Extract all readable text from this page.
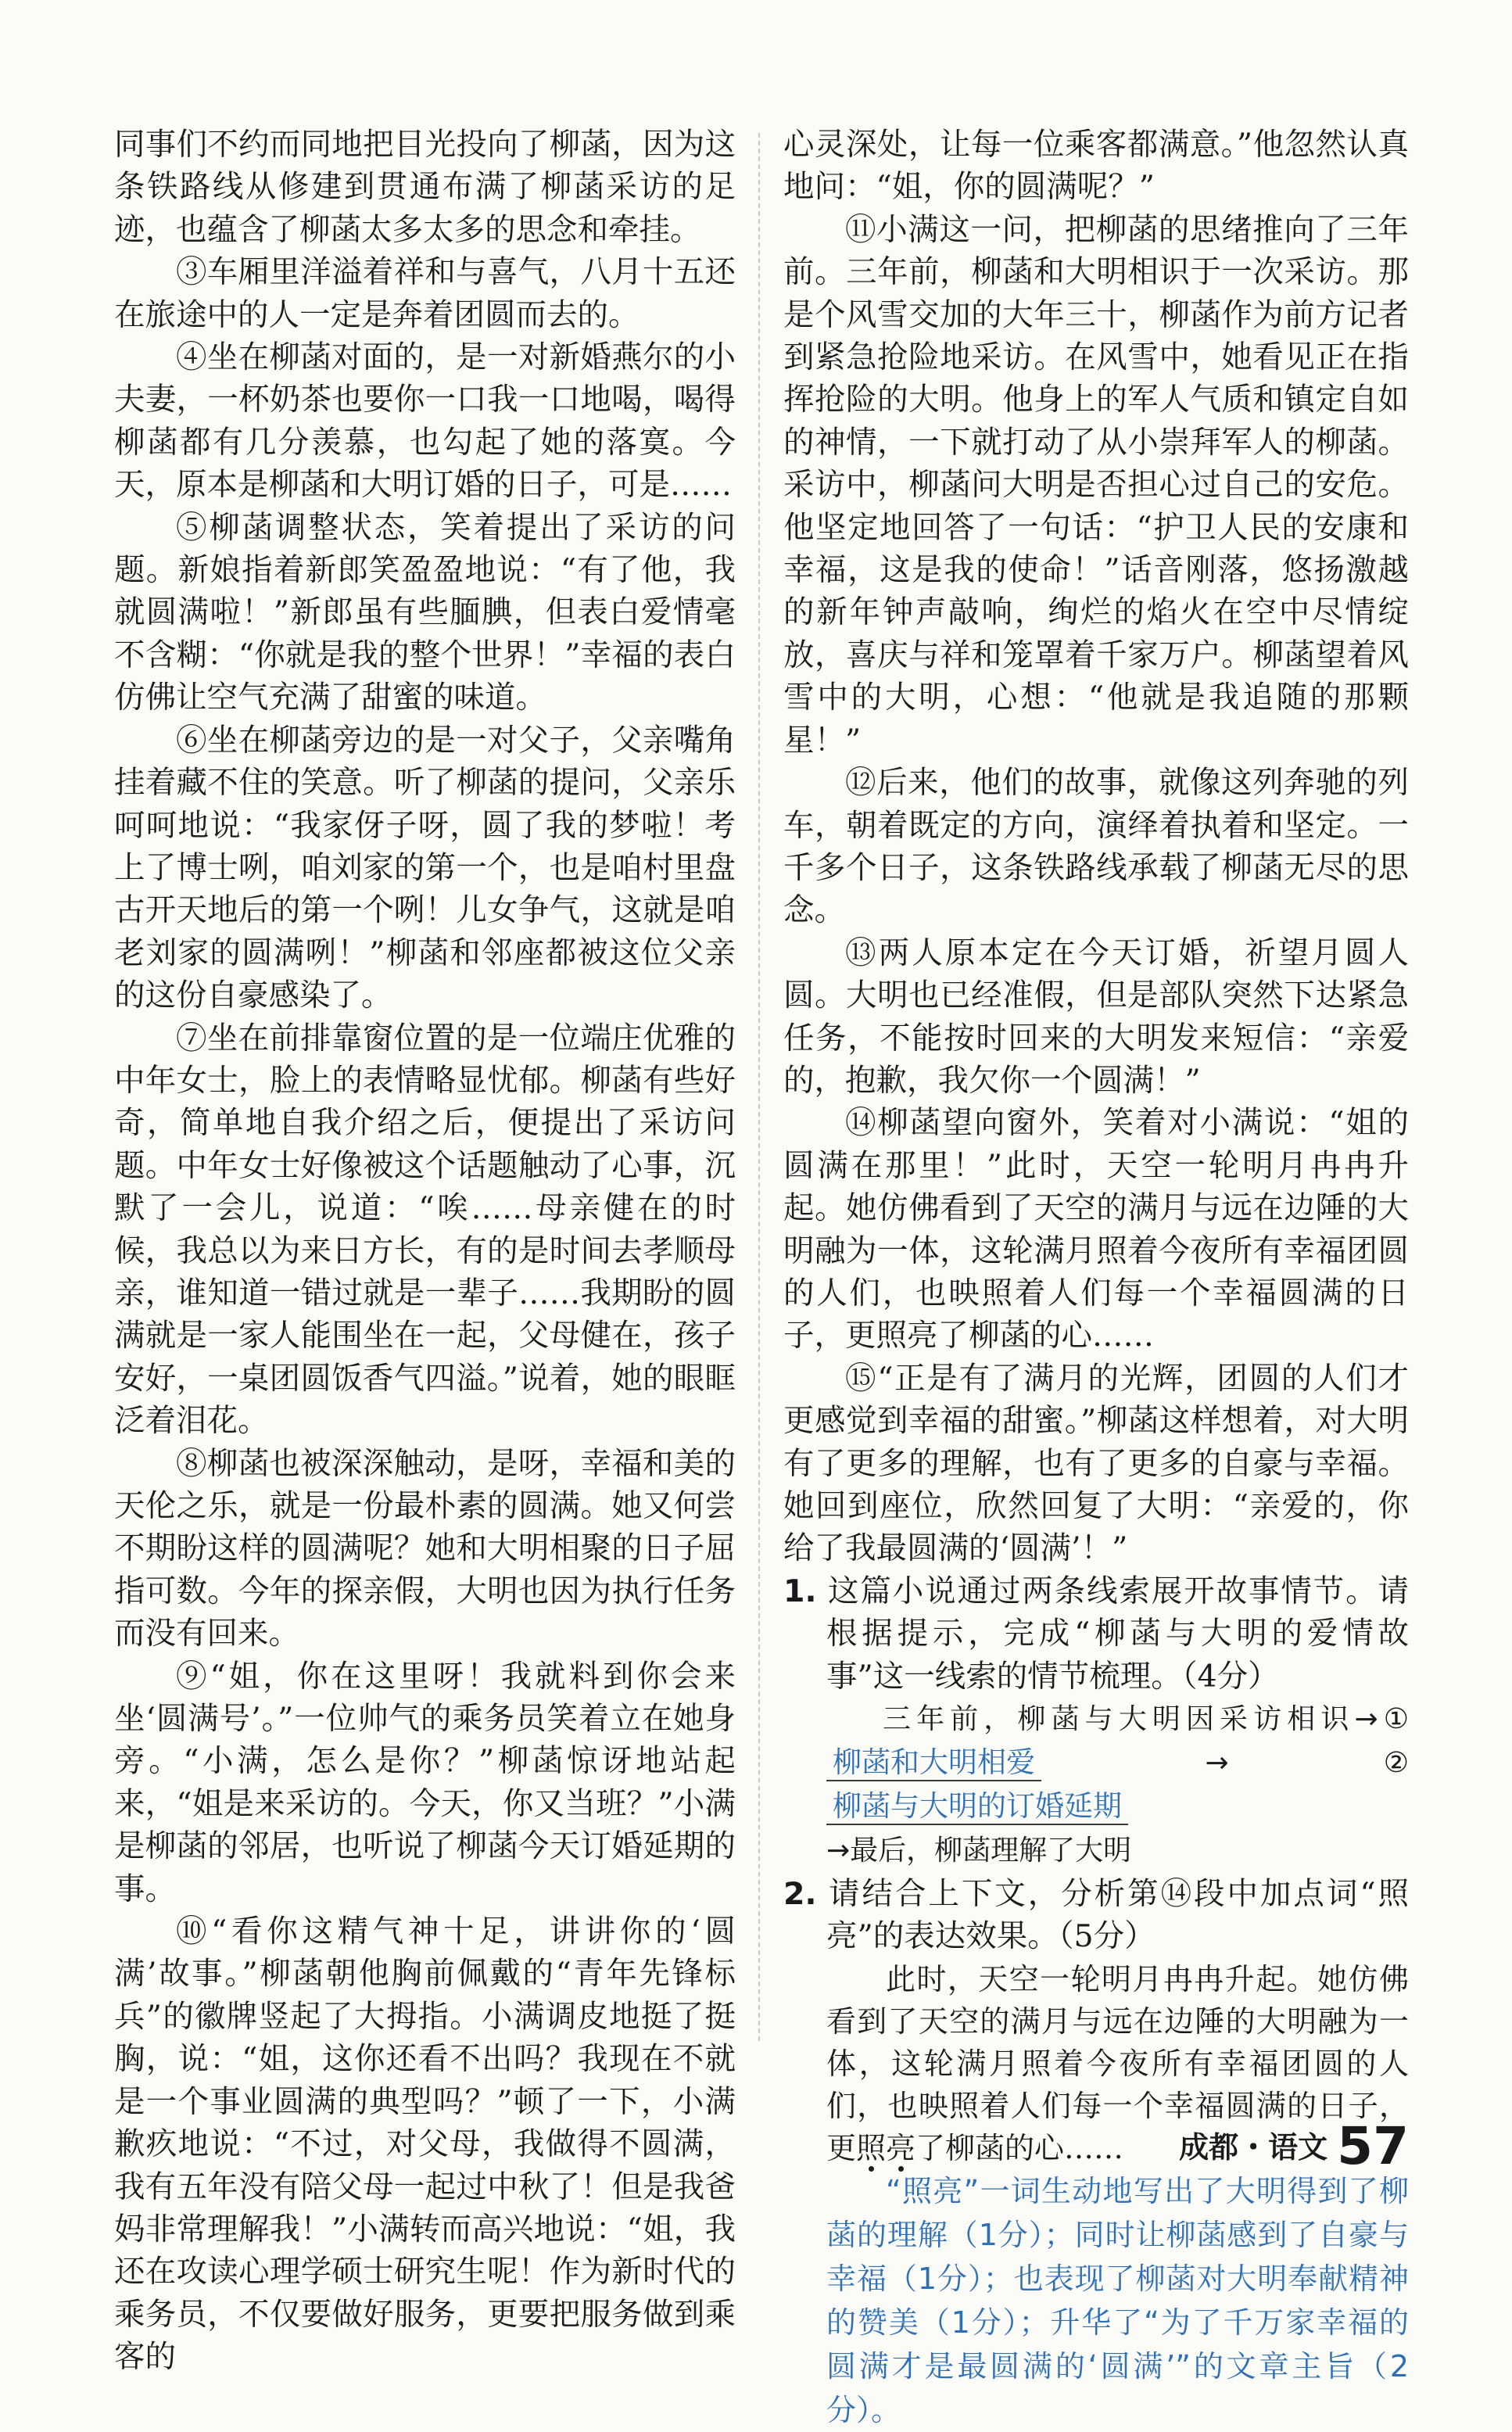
同事们不约而同地把目光投向了柳菡，因为这条铁路线从修建到贯通布满了柳菡采访的足迹，也蕴含了柳菡太多太多的思念和牵挂。

③车厢里洋溢着祥和与喜气，八月十五还在旅途中的人一定是奔着团圆而去的。

④坐在柳菡对面的，是一对新婚燕尔的小夫妻，一杯奶茶也要你一口我一口地喝，喝得柳菡都有几分羡慕，也勾起了她的落寞。今天，原本是柳菡和大明订婚的日子，可是……

⑤柳菡调整状态，笑着提出了采访的问题。新娘指着新郎笑盈盈地说：“有了他，我就圆满啦！”新郎虽有些腼腆，但表白爱情毫不含糊：“你就是我的整个世界！”幸福的表白仿佛让空气充满了甜蜜的味道。

⑥坐在柳菡旁边的是一对父子，父亲嘴角挂着藏不住的笑意。听了柳菡的提问，父亲乐呵呵地说：“我家伢子呀，圆了我的梦啦！考上了博士咧，咱刘家的第一个，也是咱村里盘古开天地后的第一个咧！儿女争气，这就是咱老刘家的圆满咧！”柳菡和邻座都被这位父亲的这份自豪感染了。

⑦坐在前排靠窗位置的是一位端庄优雅的中年女士，脸上的表情略显忧郁。柳菡有些好奇，简单地自我介绍之后，便提出了采访问题。中年女士好像被这个话题触动了心事，沉默了一会儿，说道：“唉……母亲健在的时候，我总以为来日方长，有的是时间去孝顺母亲，谁知道一错过就是一辈子……我期盼的圆满就是一家人能围坐在一起，父母健在，孩子安好，一桌团圆饭香气四溢。”说着，她的眼眶泛着泪花。

⑧柳菡也被深深触动，是呀，幸福和美的天伦之乐，就是一份最朴素的圆满。她又何尝不期盼这样的圆满呢？她和大明相聚的日子屈指可数。今年的探亲假，大明也因为执行任务而没有回来。

⑨“姐，你在这里呀！我就料到你会来坐‘圆满号’。”一位帅气的乘务员笑着立在她身旁。“小满，怎么是你？”柳菡惊讶地站起来，“姐是来采访的。今天，你又当班？”小满是柳菡的邻居，也听说了柳菡今天订婚延期的事。

⑩“看你这精气神十足，讲讲你的‘圆满’故事。”柳菡朝他胸前佩戴的“青年先锋标兵”的徽牌竖起了大拇指。小满调皮地挺了挺胸，说：“姐，这你还看不出吗？我现在不就是一个事业圆满的典型吗？”顿了一下，小满歉疚地说：“不过，对父母，我做得不圆满，我有五年没有陪父母一起过中秋了！但是我爸妈非常理解我！”小满转而高兴地说：“姐，我还在攻读心理学硕士研究生呢！作为新时代的乘务员，不仅要做好服务，更要把服务做到乘客的

心灵深处，让每一位乘客都满意。”他忽然认真地问：“姐，你的圆满呢？”

⑪小满这一问，把柳菡的思绪推向了三年前。三年前，柳菡和大明相识于一次采访。那是个风雪交加的大年三十，柳菡作为前方记者到紧急抢险地采访。在风雪中，她看见正在指挥抢险的大明。他身上的军人气质和镇定自如的神情，一下就打动了从小崇拜军人的柳菡。采访中，柳菡问大明是否担心过自己的安危。他坚定地回答了一句话：“护卫人民的安康和幸福，这是我的使命！”话音刚落，悠扬激越的新年钟声敲响，绚烂的焰火在空中尽情绽放，喜庆与祥和笼罩着千家万户。柳菡望着风雪中的大明，心想：“他就是我追随的那颗星！”

⑫后来，他们的故事，就像这列奔驰的列车，朝着既定的方向，演绎着执着和坚定。一千多个日子，这条铁路线承载了柳菡无尽的思念。

⑬两人原本定在今天订婚，祈望月圆人圆。大明也已经准假，但是部队突然下达紧急任务，不能按时回来的大明发来短信：“亲爱的，抱歉，我欠你一个圆满！”

⑭柳菡望向窗外，笑着对小满说：“姐的圆满在那里！”此时，天空一轮明月冉冉升起。她仿佛看到了天空的满月与远在边陲的大明融为一体，这轮满月照着今夜所有幸福团圆的人们，也映照着人们每一个幸福圆满的日子，更照亮了柳菡的心……

⑮“正是有了满月的光辉，团圆的人们才更感觉到幸福的甜蜜。”柳菡这样想着，对大明有了更多的理解，也有了更多的自豪与幸福。她回到座位，欣然回复了大明：“亲爱的，你给了我最圆满的‘圆满’！”

1. 这篇小说通过两条线索展开故事情节。请根据提示，完成“柳菡与大明的爱情故事”这一线索的情节梳理。（4分）
三年前，柳菡与大明因采访相识→① 柳菡和大明相爱	→② 柳菡与大明的订婚延期
→最后，柳菡理解了大明
2. 请结合上下文，分析第⑭段中加点词“照亮”的表达效果。（5分）

此时，天空一轮明月冉冉升起。她仿佛看到了天空的满月与远在边陲的大明融为一体，这轮满月照着今夜所有幸福团圆的人们，也映照着人们每一个幸福圆满的日子，更照亮了柳菡的心……

“照亮”一词生动地写出了大明得到了柳菡的理解（1分）；同时让柳菡感到了自豪与幸福（1分）；也表现了柳菡对大明奉献精神的赞美（1分）；升华了“为了千万家幸福的圆满才是最圆满的‘圆满’”的文章主旨（2分）。

成都・语文 57
